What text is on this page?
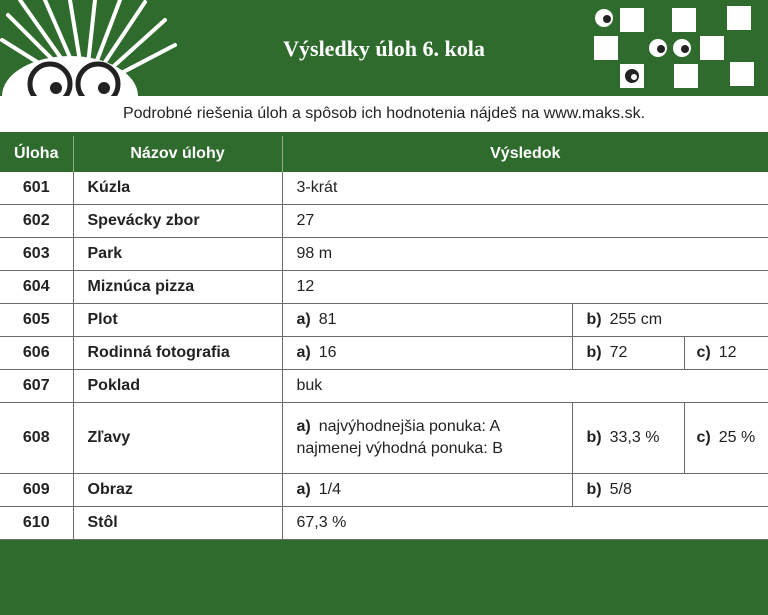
Výsledky úloh 6. kola
Podrobné riešenia úloh a spôsob ich hodnotenia nájdeš na www.maks.sk.
Úloha	Názov úlohy	Výsledok		
601	Kúzla	3-krát		
602	Spevácky zbor	27		
603	Park	98 m		
604	Miznúca pizza	12		
605	Plot	a) 81	b) 255 cm	
606	Rodinná fotografia	a) 16	b) 72	c) 12
607	Poklad	buk		
608	Zľavy	a) najvýhodnejšia ponuka: A
najmenej výhodná ponuka: B	b) 33,3 %	c) 25 %
609	Obraz	a) 1/4	b) 5/8	
610	Stôl	67,3 %		
